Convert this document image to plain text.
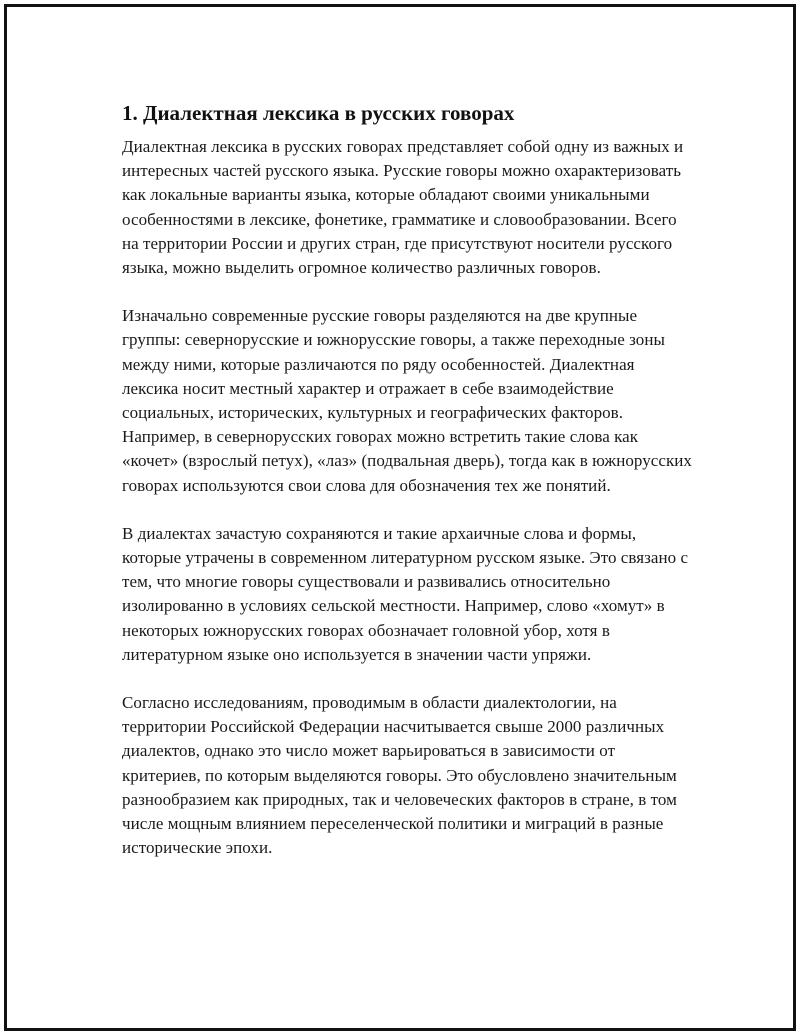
1. Диалектная лексика в русских говорах

Диалектная лексика в русских говорах представляет собой одну из важных и интересных частей русского языка. Русские говоры можно охарактеризовать как локальные варианты языка, которые обладают своими уникальными особенностями в лексике, фонетике, грамматике и словообразовании. Всего на территории России и других стран, где присутствуют носители русского языка, можно выделить огромное количество различных говоров.

Изначально современные русские говоры разделяются на две крупные группы: севернорусские и южнорусские говоры, а также переходные зоны между ними, которые различаются по ряду особенностей. Диалектная лексика носит местный характер и отражает в себе взаимодействие социальных, исторических, культурных и географических факторов. Например, в севернорусских говорах можно встретить такие слова как «кочет» (взрослый петух), «лаз» (подвальная дверь), тогда как в южнорусских говорах используются свои слова для обозначения тех же понятий.

В диалектах зачастую сохраняются и такие архаичные слова и формы, которые утрачены в современном литературном русском языке. Это связано с тем, что многие говоры существовали и развивались относительно изолированно в условиях сельской местности. Например, слово «хомут» в некоторых южнорусских говорах обозначает головной убор, хотя в литературном языке оно используется в значении части упряжи.

Согласно исследованиям, проводимым в области диалектологии, на территории Российской Федерации насчитывается свыше 2000 различных диалектов, однако это число может варьироваться в зависимости от критериев, по которым выделяются говоры. Это обусловлено значительным разнообразием как природных, так и человеческих факторов в стране, в том числе мощным влиянием переселенческой политики и миграций в разные исторические эпохи.
